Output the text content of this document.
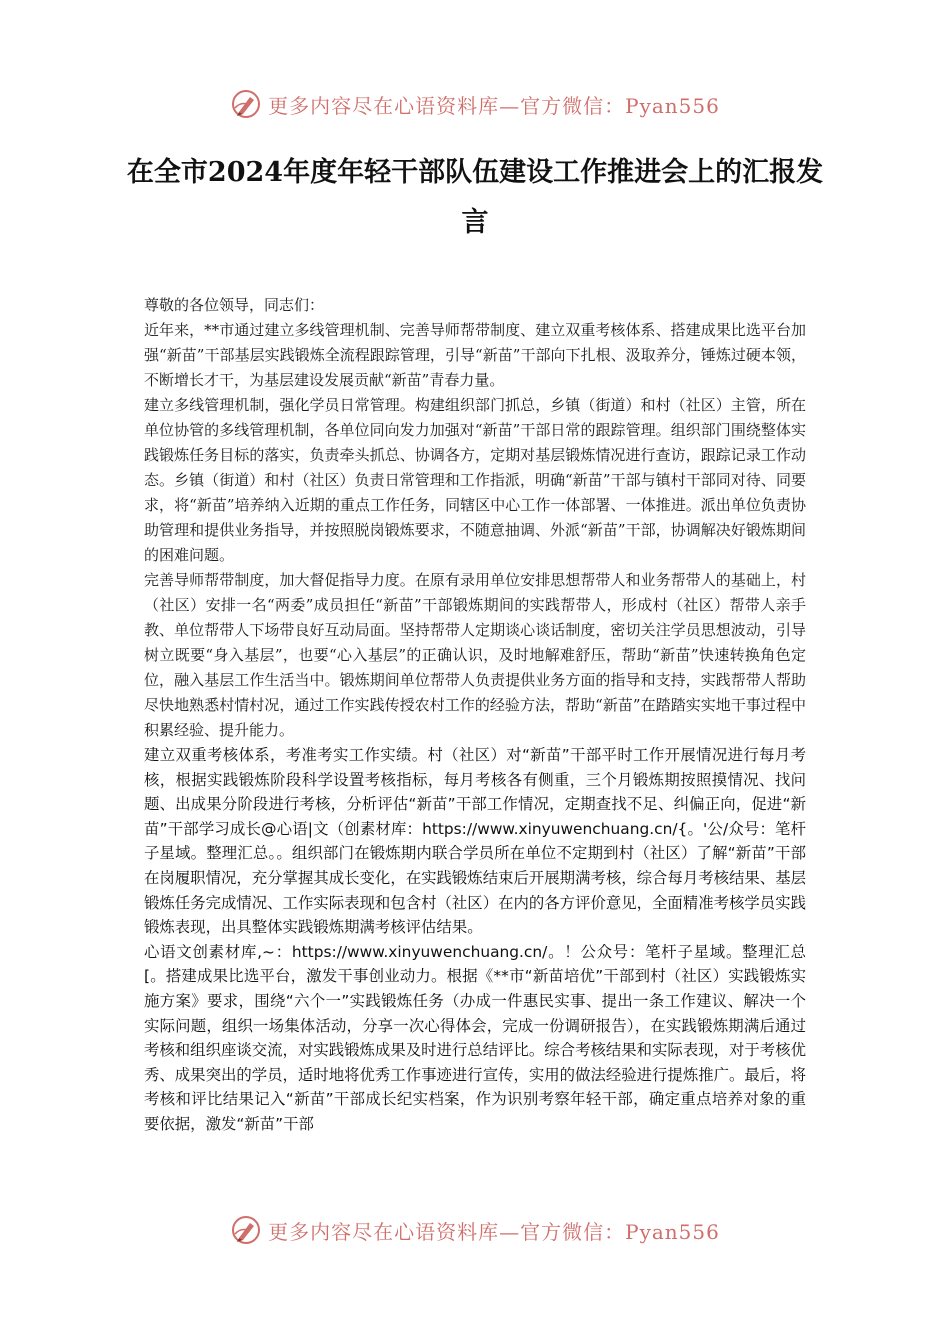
更多内容尽在心语资料库—官方微信：Pyan556
在全市2024年度年轻干部队伍建设工作推进会上的汇报发言

尊敬的各位领导，同志们：

近年来，**市通过建立多线管理机制、完善导师帮带制度、建立双重考核体系、搭建成果比选平台加强“新苗”干部基层实践锻炼全流程跟踪管理，引导“新苗”干部向下扎根、汲取养分，锤炼过硬本领，不断增长才干，为基层建设发展贡献“新苗”青春力量。

建立多线管理机制，强化学员日常管理。构建组织部门抓总，乡镇（街道）和村（社区）主管，所在单位协管的多线管理机制，各单位同向发力加强对“新苗”干部日常的跟踪管理。组织部门围绕整体实践锻炼任务目标的落实，负责牵头抓总、协调各方，定期对基层锻炼情况进行查访，跟踪记录工作动态。乡镇（街道）和村（社区）负责日常管理和工作指派，明确“新苗”干部与镇村干部同对待、同要求，将“新苗”培养纳入近期的重点工作任务，同辖区中心工作一体部署、一体推进。派出单位负责协助管理和提供业务指导，并按照脱岗锻炼要求，不随意抽调、外派“新苗”干部，协调解决好锻炼期间的困难问题。

完善导师帮带制度，加大督促指导力度。在原有录用单位安排思想帮带人和业务帮带人的基础上，村（社区）安排一名“两委”成员担任“新苗”干部锻炼期间的实践帮带人，形成村（社区）帮带人亲手教、单位帮带人下场带良好互动局面。坚持帮带人定期谈心谈话制度，密切关注学员思想波动，引导树立既要“身入基层”，也要“心入基层”的正确认识，及时地解难舒压，帮助“新苗”快速转换角色定位，融入基层工作生活当中。锻炼期间单位帮带人负责提供业务方面的指导和支持，实践帮带人帮助尽快地熟悉村情村况，通过工作实践传授农村工作的经验方法，帮助“新苗”在踏踏实实地干事过程中积累经验、提升能力。

建立双重考核体系，考准考实工作实绩。村（社区）对“新苗”干部平时工作开展情况进行每月考核，根据实践锻炼阶段科学设置考核指标，每月考核各有侧重，三个月锻炼期按照摸情况、找问题、出成果分阶段进行考核，分析评估“新苗”干部工作情况，定期查找不足、纠偏正向，促进“新苗”干部学习成长@心语|文（创素材库：https://www.xinyuwenchuang.cn/{。'公/众号：笔杆子星域。整理汇总。。组织部门在锻炼期内联合学员所在单位不定期到村（社区）了解“新苗”干部在岗履职情况，充分掌握其成长变化，在实践锻炼结束后开展期满考核，综合每月考核结果、基层锻炼任务完成情况、工作实际表现和包含村（社区）在内的各方评价意见，全面精准考核学员实践锻炼表现，出具整体实践锻炼期满考核评估结果。

心语文创素材库,~：https://www.xinyuwenchuang.cn/。！公众号：笔杆子星域。整理汇总[。搭建成果比选平台，激发干事创业动力。根据《**市“新苗培优”干部到村（社区）实践锻炼实施方案》要求，围绕“六个一”实践锻炼任务（办成一件惠民实事、提出一条工作建议、解决一个实际问题，组织一场集体活动，分享一次心得体会，完成一份调研报告），在实践锻炼期满后通过考核和组织座谈交流，对实践锻炼成果及时进行总结评比。综合考核结果和实际表现，对于考核优秀、成果突出的学员，适时地将优秀工作事迹进行宣传，实用的做法经验进行提炼推广。最后，将考核和评比结果记入“新苗”干部成长纪实档案，作为识别考察年轻干部，确定重点培养对象的重要依据，激发“新苗”干部

更多内容尽在心语资料库—官方微信：Pyan556
